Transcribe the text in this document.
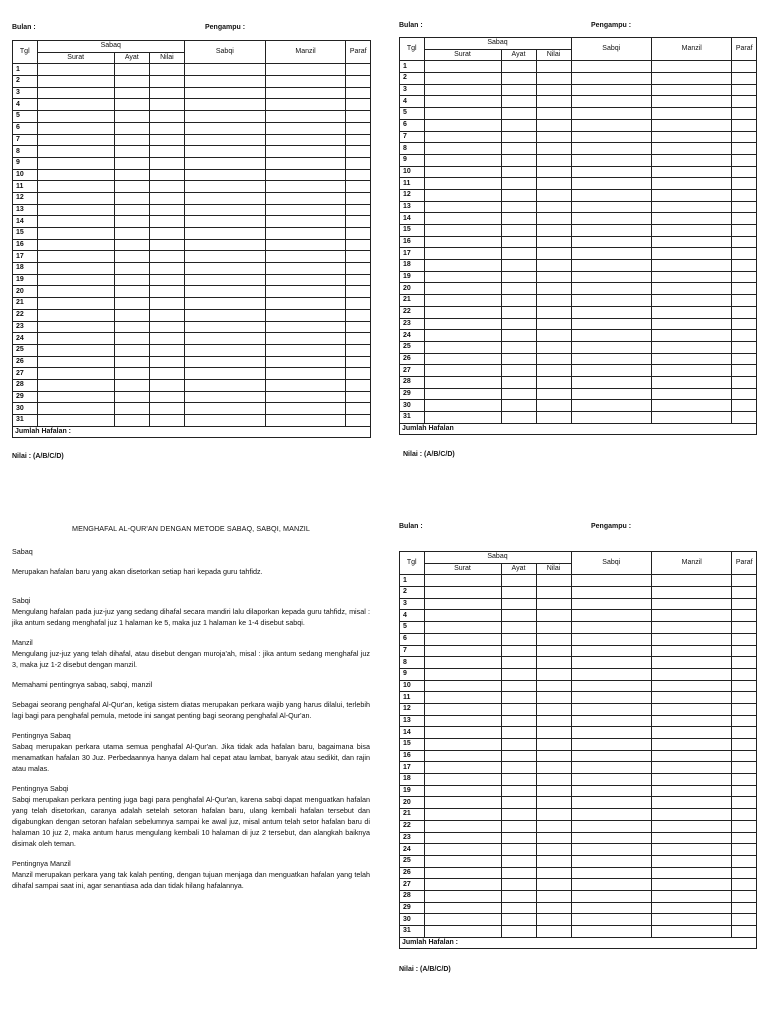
Bulan :	Pengampu :
Tgl	Sabaq			Sabqi	Manzil	Paraf
	Surat	Ayat	Nilai			
1						
2						
3						
4						
5						
6						
7						
8						
9						
10						
11						
12						
13						
14						
15						
16						
17						
18						
19						
20						
21						
22						
23						
24						
25						
26						
27						
28						
29						
30						
31						
Jumlah Hafalan :						
Nilai : (A/B/C/D)
Bulan :	Pengampu :
Tgl	Sabaq			Sabqi	Manzil	Paraf
	Surat	Ayat	Nilai			
1						
2						
3						
4						
5						
6						
7						
8						
9						
10						
11						
12						
13						
14						
15						
16						
17						
18						
19						
20						
21						
22						
23						
24						
25						
26						
27						
28						
29						
30						
31						
Jumlah Hafalan						
Nilai : (A/B/C/D)
MENGHAFAL AL-QUR'AN DENGAN METODE SABAQ, SABQI, MANZIL
Sabaq

Merupakan hafalan baru yang akan disetorkan setiap hari kepada guru tahfidz.

Sabqi

Mengulang hafalan pada juz-juz yang sedang dihafal secara mandiri lalu dilaporkan kepada guru tahfidz, misal : jika antum sedang menghafal juz 1 halaman ke 5, maka juz 1 halaman ke 1-4 disebut sabqi.

Manzil

Mengulang juz-juz yang telah dihafal, atau disebut dengan muroja'ah, misal : jika antum sedang menghafal juz 3, maka juz 1-2 disebut dengan manzil.

Memahami pentingnya sabaq, sabqi, manzil

Sebagai seorang penghafal Al-Qur'an, ketiga sistem diatas merupakan perkara wajib yang harus dilalui, terlebih lagi bagi para penghafal pemula, metode ini sangat penting bagi seorang penghafal Al-Qur'an.

Pentingnya Sabaq

Sabaq merupakan perkara utama semua penghafal Al-Qur'an. Jika tidak ada hafalan baru, bagaimana bisa menamatkan hafalan 30 Juz. Perbedaannya hanya dalam hal cepat atau lambat, banyak atau sedikit, dan rajin atau malas.

Pentingnya Sabqi

Sabqi merupakan perkara penting juga bagi para penghafal Al-Qur'an, karena sabqi dapat menguatkan hafalan yang telah disetorkan, caranya adalah setelah setoran hafalan baru, ulang kembali hafalan tersebut dan digabungkan dengan setoran hafalan sebelumnya sampai ke awal juz, misal antum telah setor hafalan baru di halaman 10 juz 2, maka antum harus mengulang kembali 10 halaman di juz 2 tersebut, dan alangkah baiknya disimak oleh teman.

Pentingnya Manzil

Manzil merupakan perkara yang tak kalah penting, dengan tujuan menjaga dan menguatkan hafalan yang telah dihafal sampai saat ini, agar senantiasa ada dan tidak hilang hafalannya.

Bulan :	Pengampu :
Tgl	Sabaq			Sabqi	Manzil	Paraf
	Surat	Ayat	Nilai			
1						
2						
3						
4						
5						
6						
7						
8						
9						
10						
11						
12						
13						
14						
15						
16						
17						
18						
19						
20						
21						
22						
23						
24						
25						
26						
27						
28						
29						
30						
31						
Jumlah Hafalan :						
Nilai : (A/B/C/D)
